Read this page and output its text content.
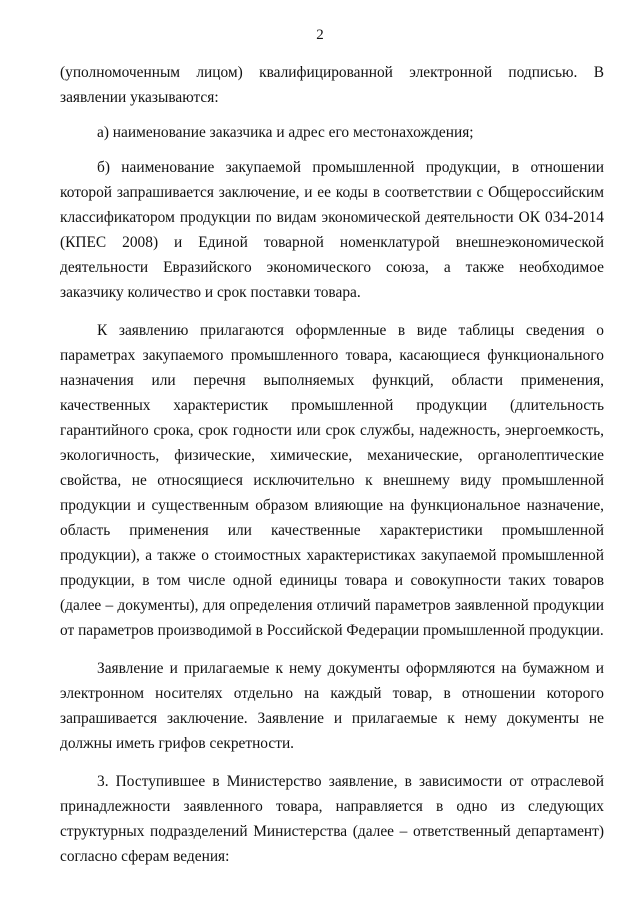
2

(уполномоченным лицом) квалифицированной электронной подписью. В заявлении указываются:

а) наименование заказчика и адрес его местонахождения;

б) наименование закупаемой промышленной продукции, в отношении которой запрашивается заключение, и ее коды в соответствии с Общероссийским классификатором продукции по видам экономической деятельности ОК 034-2014 (КПЕС 2008) и Единой товарной номенклатурой внешнеэкономической деятельности Евразийского экономического союза, а также необходимое заказчику количество и срок поставки товара.

К заявлению прилагаются оформленные в виде таблицы сведения о параметрах закупаемого промышленного товара, касающиеся функционального назначения или перечня выполняемых функций, области применения, качественных характеристик промышленной продукции (длительность гарантийного срока, срок годности или срок службы, надежность, энергоемкость, экологичность, физические, химические, механические, органолептические свойства, не относящиеся исключительно к внешнему виду промышленной продукции и существенным образом влияющие на функциональное назначение, область применения или качественные характеристики промышленной продукции), а также о стоимостных характеристиках закупаемой промышленной продукции, в том числе одной единицы товара и совокупности таких товаров (далее – документы), для определения отличий параметров заявленной продукции от параметров производимой в Российской Федерации промышленной продукции.

Заявление и прилагаемые к нему документы оформляются на бумажном и электронном носителях отдельно на каждый товар, в отношении которого запрашивается заключение. Заявление и прилагаемые к нему документы не должны иметь грифов секретности.

3. Поступившее в Министерство заявление, в зависимости от отраслевой принадлежности заявленного товара, направляется в одно из следующих структурных подразделений Министерства (далее – ответственный департамент) согласно сферам ведения:
